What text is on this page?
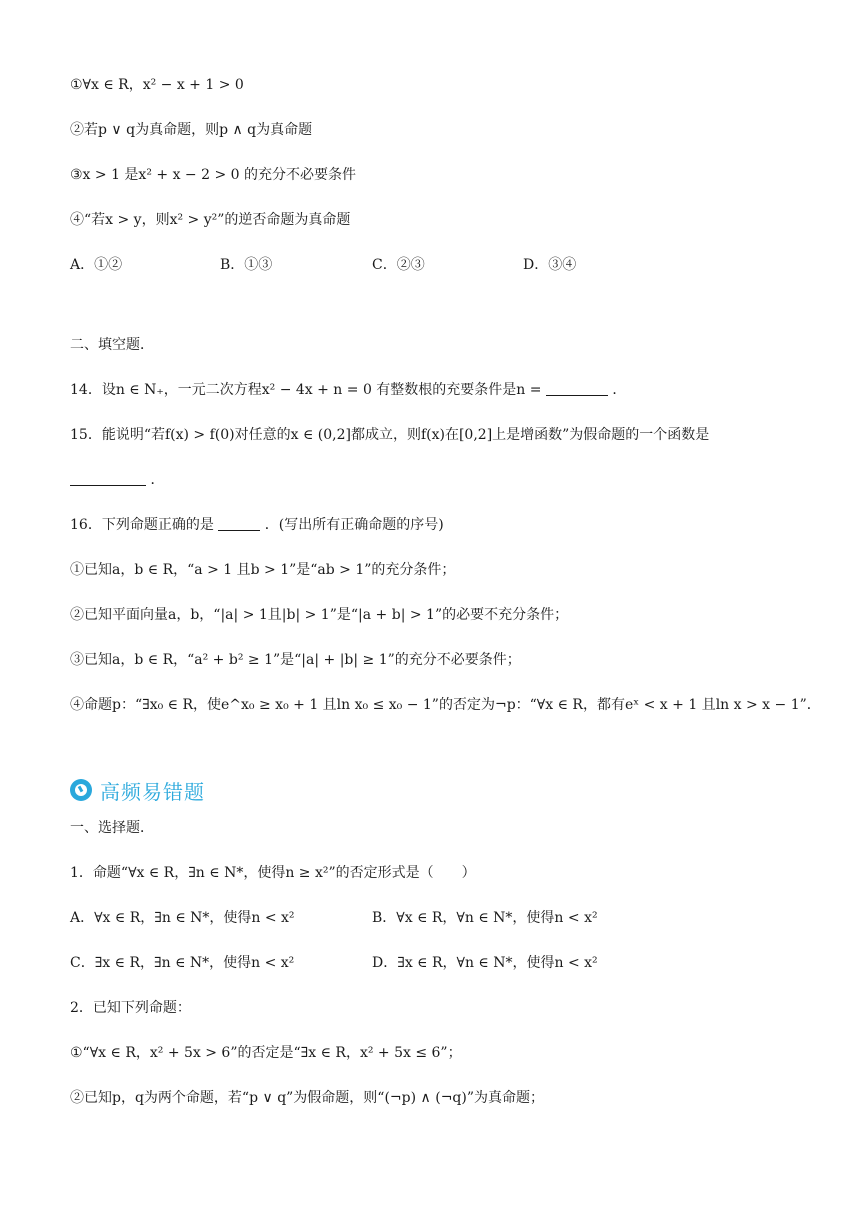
①∀x ∈ R，x² − x + 1 > 0
②若p ∨ q为真命题，则p ∧ q为真命题
③x > 1 是x² + x − 2 > 0 的充分不必要条件
④“若x > y，则x² > y²”的逆否命题为真命题
A．①②	B．①③	C．②③	D．③④
二、填空题．
14．设n ∈ N₊，一元二次方程x² − 4x + n = 0 有整数根的充要条件是n =	．
15．能说明“若f(x) > f(0)对任意的x ∈ (0,2]都成立，则f(x)在[0,2]上是增函数”为假命题的一个函数是
．
16．下列命题正确的是	．(写出所有正确命题的序号)
①已知a，b ∈ R，“a > 1 且b > 1”是“ab > 1”的充分条件；
②已知平面向量a，b，“|a| > 1且|b| > 1”是“|a + b| > 1”的必要不充分条件；
③已知a，b ∈ R，“a² + b² ≥ 1”是“|a| + |b| ≥ 1”的充分不必要条件；
④命题p：“∃x₀ ∈ R，使e^x₀ ≥ x₀ + 1 且ln x₀ ≤ x₀ − 1”的否定为¬p：“∀x ∈ R，都有eˣ < x + 1 且ln x > x − 1”．
高频易错题
一、选择题．
1．命题“∀x ∈ R，∃n ∈ N*，使得n ≥ x²”的否定形式是（　　）
A．∀x ∈ R，∃n ∈ N*，使得n < x²	B．∀x ∈ R，∀n ∈ N*，使得n < x²
C．∃x ∈ R，∃n ∈ N*，使得n < x²	D．∃x ∈ R，∀n ∈ N*，使得n < x²
2．已知下列命题：
①“∀x ∈ R，x² + 5x > 6”的否定是“∃x ∈ R，x² + 5x ≤ 6”；
②已知p，q为两个命题，若“p ∨ q”为假命题，则“(¬p) ∧ (¬q)”为真命题；
